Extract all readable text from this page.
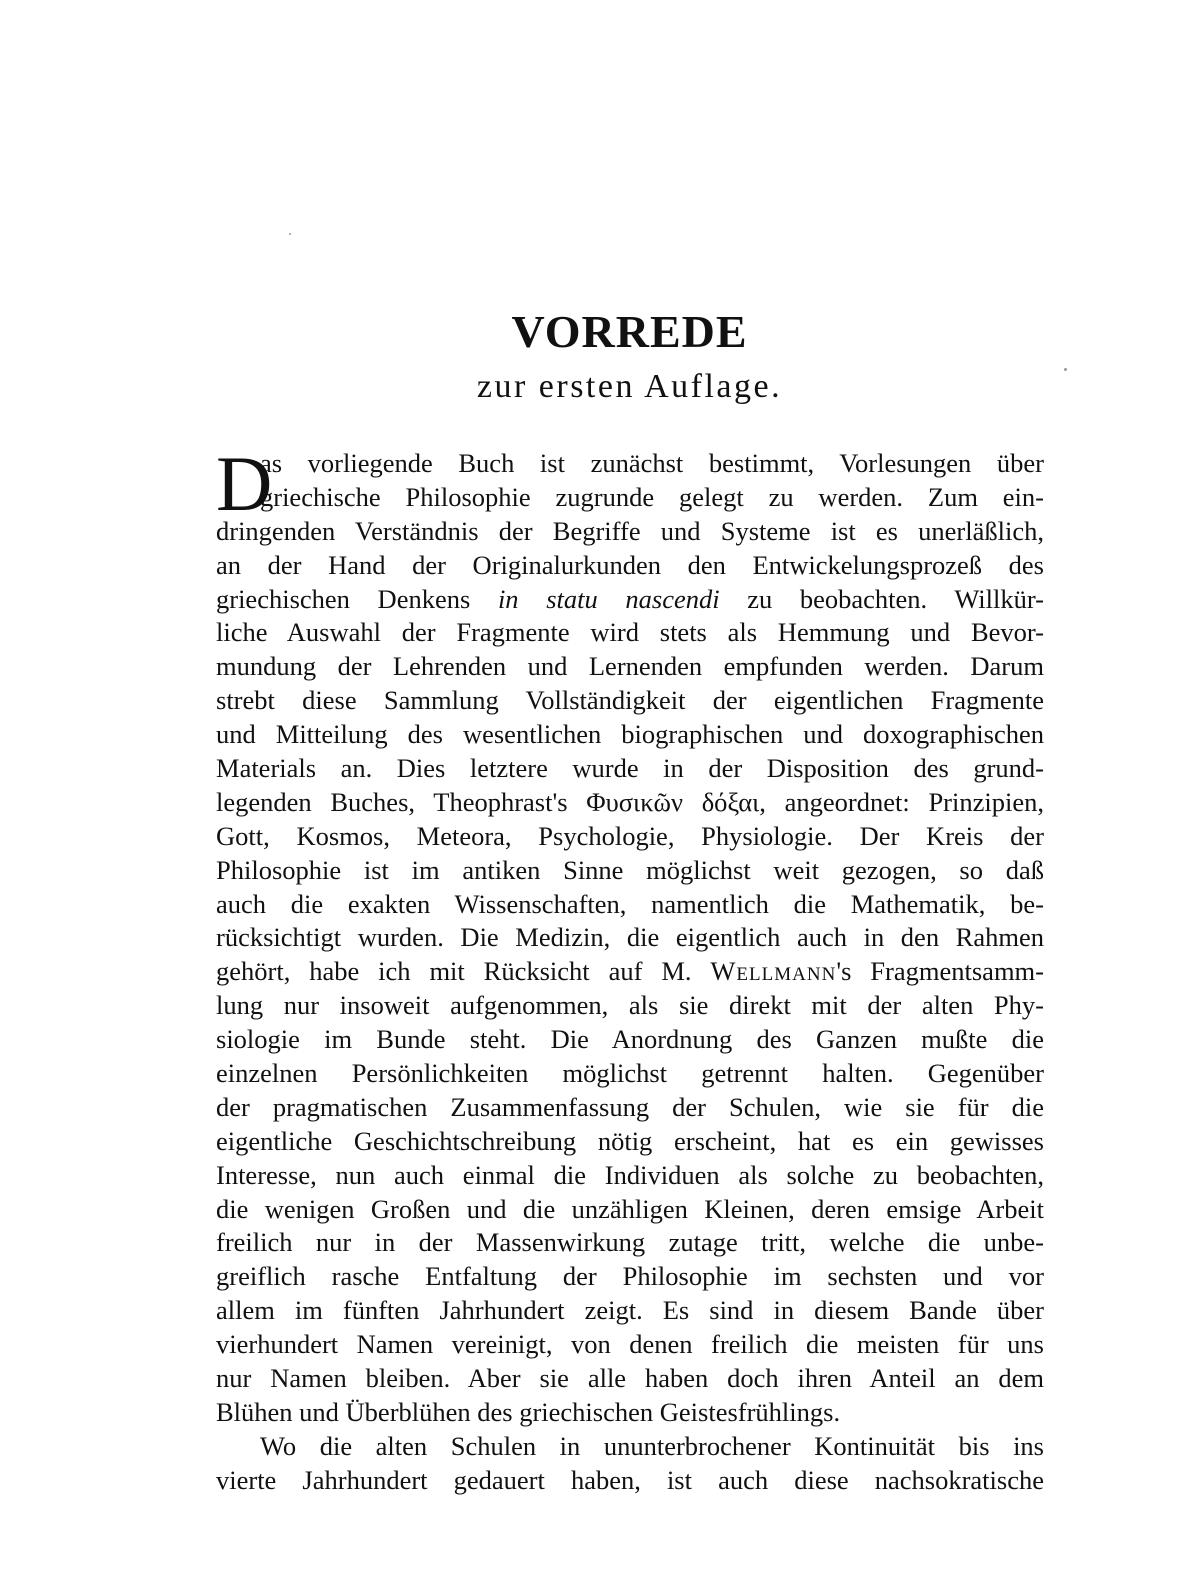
VORREDE
zur ersten Auflage.
D
as vorliegende Buch ist zunächst bestimmt, Vorlesungen über
griechische Philosophie zugrunde gelegt zu werden. Zum ein-
dringenden Verständnis der Begriffe und Systeme ist es unerläßlich,
an der Hand der Originalurkunden den Entwickelungsprozeß des
griechischen Denkens in statu nascendi zu beobachten. Willkür-
liche Auswahl der Fragmente wird stets als Hemmung und Bevor-
mundung der Lehrenden und Lernenden empfunden werden. Darum
strebt diese Sammlung Vollständigkeit der eigentlichen Fragmente
und Mitteilung des wesentlichen biographischen und doxographischen
Materials an. Dies letztere wurde in der Disposition des grund-
legenden Buches, Theophrast's Φυσικῶν δόξαι, angeordnet: Prinzipien,
Gott, Kosmos, Meteora, Psychologie, Physiologie. Der Kreis der
Philosophie ist im antiken Sinne möglichst weit gezogen, so daß
auch die exakten Wissenschaften, namentlich die Mathematik, be-
rücksichtigt wurden. Die Medizin, die eigentlich auch in den Rahmen
gehört, habe ich mit Rücksicht auf M. Wellmann's Fragmentsamm-
lung nur insoweit aufgenommen, als sie direkt mit der alten Phy-
siologie im Bunde steht. Die Anordnung des Ganzen mußte die
einzelnen Persönlichkeiten möglichst getrennt halten. Gegenüber
der pragmatischen Zusammenfassung der Schulen, wie sie für die
eigentliche Geschichtschreibung nötig erscheint, hat es ein gewisses
Interesse, nun auch einmal die Individuen als solche zu beobachten,
die wenigen Großen und die unzähligen Kleinen, deren emsige Arbeit
freilich nur in der Massenwirkung zutage tritt, welche die unbe-
greiflich rasche Entfaltung der Philosophie im sechsten und vor
allem im fünften Jahrhundert zeigt. Es sind in diesem Bande über
vierhundert Namen vereinigt, von denen freilich die meisten für uns
nur Namen bleiben. Aber sie alle haben doch ihren Anteil an dem
Blühen und Überblühen des griechischen Geistesfrühlings.
Wo die alten Schulen in ununterbrochener Kontinuität bis ins
vierte Jahrhundert gedauert haben, ist auch diese nachsokratische
